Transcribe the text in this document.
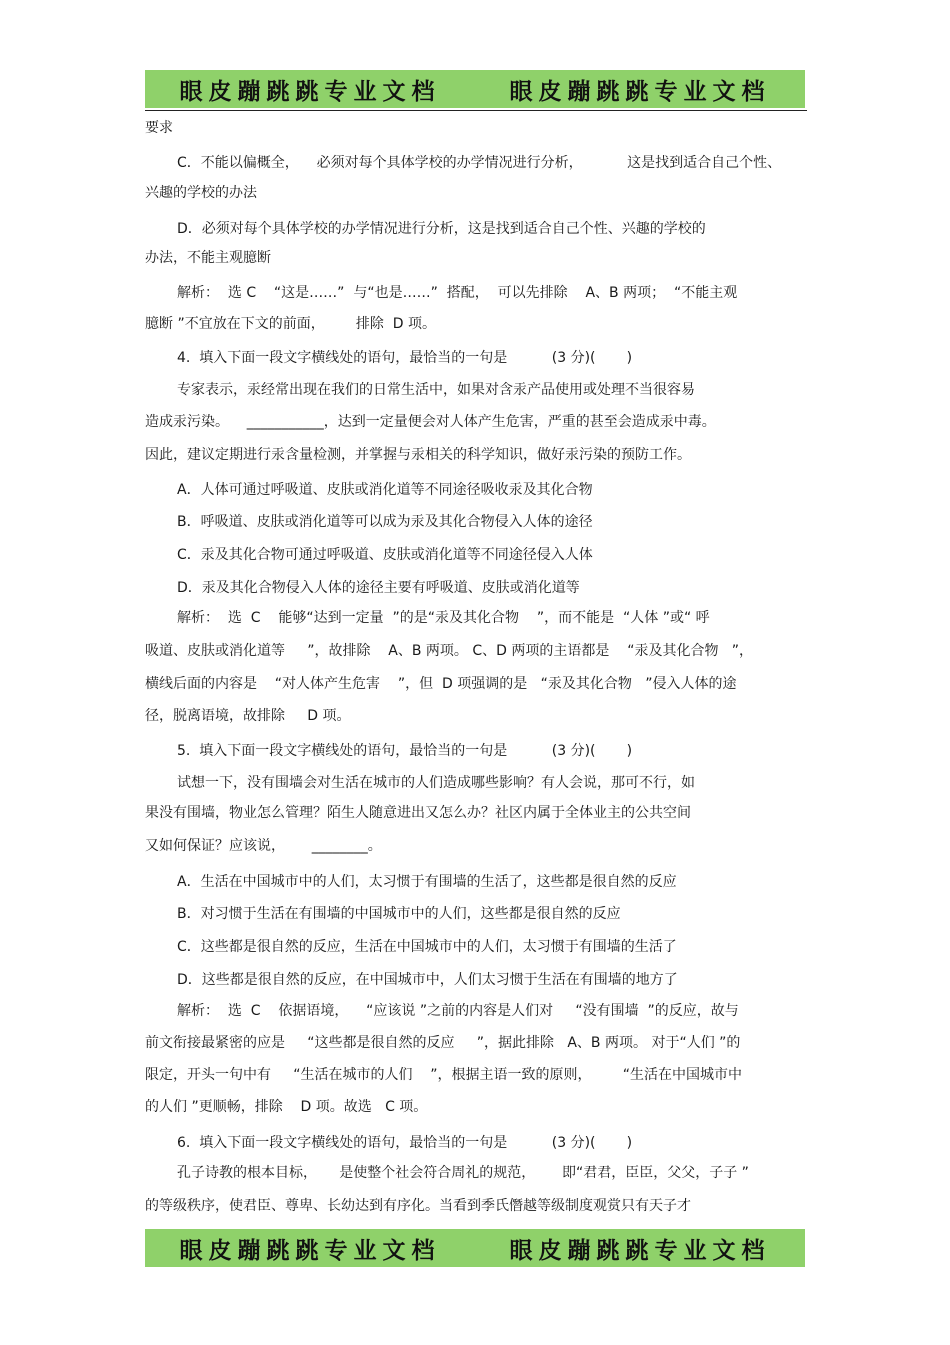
眼皮蹦跳跳专业文档	眼皮蹦跳跳专业文档
要求
C．不能以偏概全，    必须对每个具体学校的办学情况进行分析，          这是找到适合自己个性、
兴趣的学校的办法
D．必须对每个具体学校的办学情况进行分析，这是找到适合自己个性、兴趣的学校的
办法，不能主观臆断
解析：  选 C    “这是……”  与“也是……”  搭配，  可以先排除    A、B 两项；  “不能主观
臆断 ”不宜放在下文的前面，       排除  D 项。
4.  填入下面一段文字横线处的语句，最恰当的一句是          (3 分)(       )
专家表示，汞经常出现在我们的日常生活中，如果对含汞产品使用或处理不当很容易
造成汞污染。    ___________，达到一定量便会对人体产生危害，严重的甚至会造成汞中毒。
因此，建议定期进行汞含量检测，并掌握与汞相关的科学知识，做好汞污染的预防工作。
A．人体可通过呼吸道、皮肤或消化道等不同途径吸收汞及其化合物
B．呼吸道、皮肤或消化道等可以成为汞及其化合物侵入人体的途径
C．汞及其化合物可通过呼吸道、皮肤或消化道等不同途径侵入人体
D．汞及其化合物侵入人体的途径主要有呼吸道、皮肤或消化道等
解析：  选  C    能够“达到一定量  ”的是“汞及其化合物    ”，而不能是  “人体 ”或“ 呼
吸道、皮肤或消化道等     ”，故排除    A、B 两项。 C、D 两项的主语都是    “汞及其化合物   ”，
横线后面的内容是    “对人体产生危害    ”，但  D 项强调的是   “汞及其化合物   ”侵入人体的途
径，脱离语境，故排除     D 项。
5.  填入下面一段文字横线处的语句，最恰当的一句是          (3 分)(       )
试想一下，没有围墙会对生活在城市的人们造成哪些影响？有人会说，那可不行，如
果没有围墙，物业怎么管理？陌生人随意进出又怎么办？社区内属于全体业主的公共空间
又如何保证？应该说，      ________。
A．生活在中国城市中的人们，太习惯于有围墙的生活了，这些都是很自然的反应
B．对习惯于生活在有围墙的中国城市中的人们，这些都是很自然的反应
C．这些都是很自然的反应，生活在中国城市中的人们，太习惯于有围墙的生活了
D．这些都是很自然的反应，在中国城市中，人们太习惯于生活在有围墙的地方了
解析：  选  C    依据语境，    “应该说 ”之前的内容是人们对     “没有围墙  ”的反应，故与
前文衔接最紧密的应是     “这些都是很自然的反应     ”，据此排除   A、B 两项。 对于“人们 ”的
限定，开头一句中有     “生活在城市的人们    ”，根据主语一致的原则，       “生活在中国城市中
的人们 ”更顺畅，排除    D 项。故选   C 项。
6.  填入下面一段文字横线处的语句，最恰当的一句是          (3 分)(       )
孔子诗教的根本目标，     是使整个社会符合周礼的规范，      即“君君，臣臣，父父，子子 ”
的等级秩序，使君臣、尊卑、长幼达到有序化。当看到季氏僭越等级制度观赏只有天子才
眼皮蹦跳跳专业文档	眼皮蹦跳跳专业文档
